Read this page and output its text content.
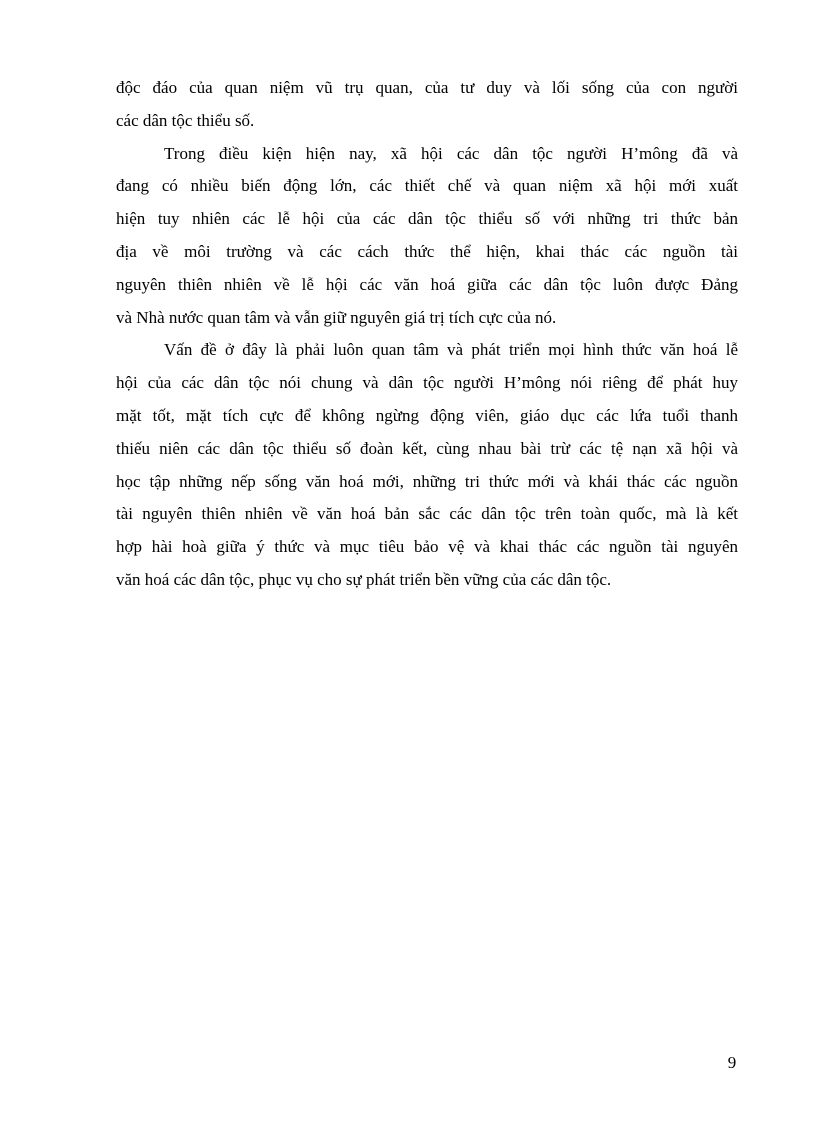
độc đáo của quan niệm vũ trụ quan, của tư duy và lối sống của con người
các dân tộc thiểu số.
Trong điều kiện hiện nay, xã hội các dân tộc người H’mông đã và
đang có nhiều biến động lớn, các thiết chế và quan niệm xã hội mới xuất
hiện tuy nhiên các lễ hội của các dân tộc thiểu số với những tri thức bản
địa về môi trường và các cách thức thể hiện, khai thác các nguồn tài
nguyên thiên nhiên về lễ hội các văn hoá giữa các dân tộc luôn được Đảng
và Nhà nước quan tâm và vẫn giữ nguyên giá trị tích cực của nó.
Vấn đề ở đây là phải luôn quan tâm và phát triển mọi hình thức văn hoá lễ
hội của các dân tộc nói chung và dân tộc người H’mông nói riêng để phát huy
mặt tốt, mặt tích cực để không ngừng động viên, giáo dục các lứa tuổi thanh
thiếu niên các dân tộc thiểu số đoàn kết, cùng nhau bài trừ các tệ nạn xã hội và
học tập những nếp sống văn hoá mới, những tri thức mới và khái thác các nguồn
tài nguyên thiên nhiên về văn hoá bản sắc các dân tộc trên toàn quốc, mà là kết
hợp hài hoà giữa ý thức và mục tiêu bảo vệ và khai thác các nguồn tài nguyên
văn hoá các dân tộc, phục vụ cho sự phát triển bền vững của các dân tộc.
9
